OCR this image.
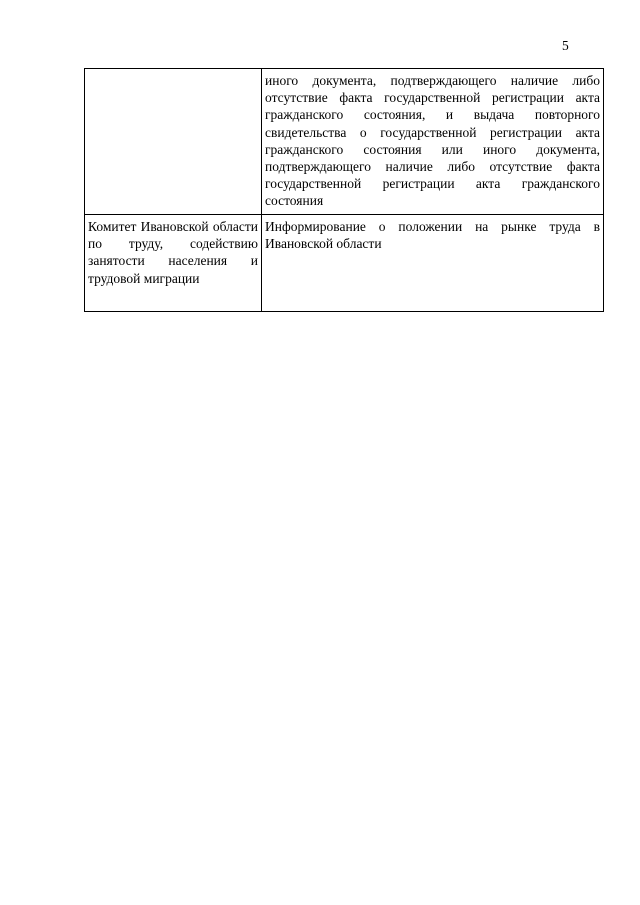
5
	иного документа, подтверждающего наличие либо отсутствие факта государственной регистрации акта гражданского состояния, и выдача повторного свидетельства о государственной регистрации акта гражданского состояния или иного документа, подтверждающего наличие либо отсутствие факта государственной регистрации акта гражданского состояния
Комитет Ивановской области по труду, содействию занятости населения и трудовой миграции	Информирование о положении на рынке труда в Ивановской области
